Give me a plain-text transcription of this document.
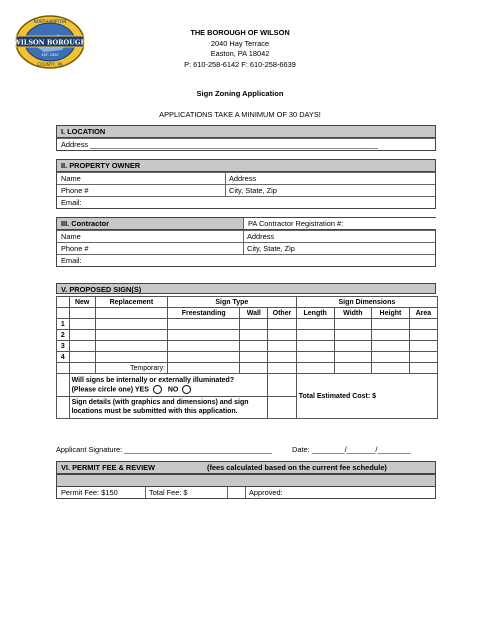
WILSON BOROUGH
NORTHAMPTON
COUNTY, PA
EST. 1920
THE BOROUGH OF WILSON
2040 Hay Terrace
Easton, PA 18042
P: 610-258-6142 F: 610-258-6639
Sign Zoning Application
APPLICATIONS TAKE A MINIMUM OF 30 DAYS!
I. LOCATION
Address ______________________________________________________________________
II. PROPERTY OWNER
Name	Address
Phone #	City, State, Zip
Email:
III. Contractor	PA Contractor Registration #:
Name	Address
Phone #	City, State, Zip
Email:
V. PROPOSED SIGN(S)
	New	Replacement	Sign Type			Sign Dimensions			
			Freestanding	Wall	Other	Length	Width	Height	Area
1									
2									
3									
4									
		Temporary:							

	Will signs be internally or externally illuminated?
(Please circle one) YES NO					Total Estimated Cost: $			
	Sign details (with graphics and dimensions) and sign locations must be submitted with this application.								
Applicant Signature: ____________________________________	Date: ________/_______/________
VI. PERMIT FEE & REVIEW	(fees calculated based on the current fee schedule)
Permit Fee: $150	Total Fee: $	Approved:
